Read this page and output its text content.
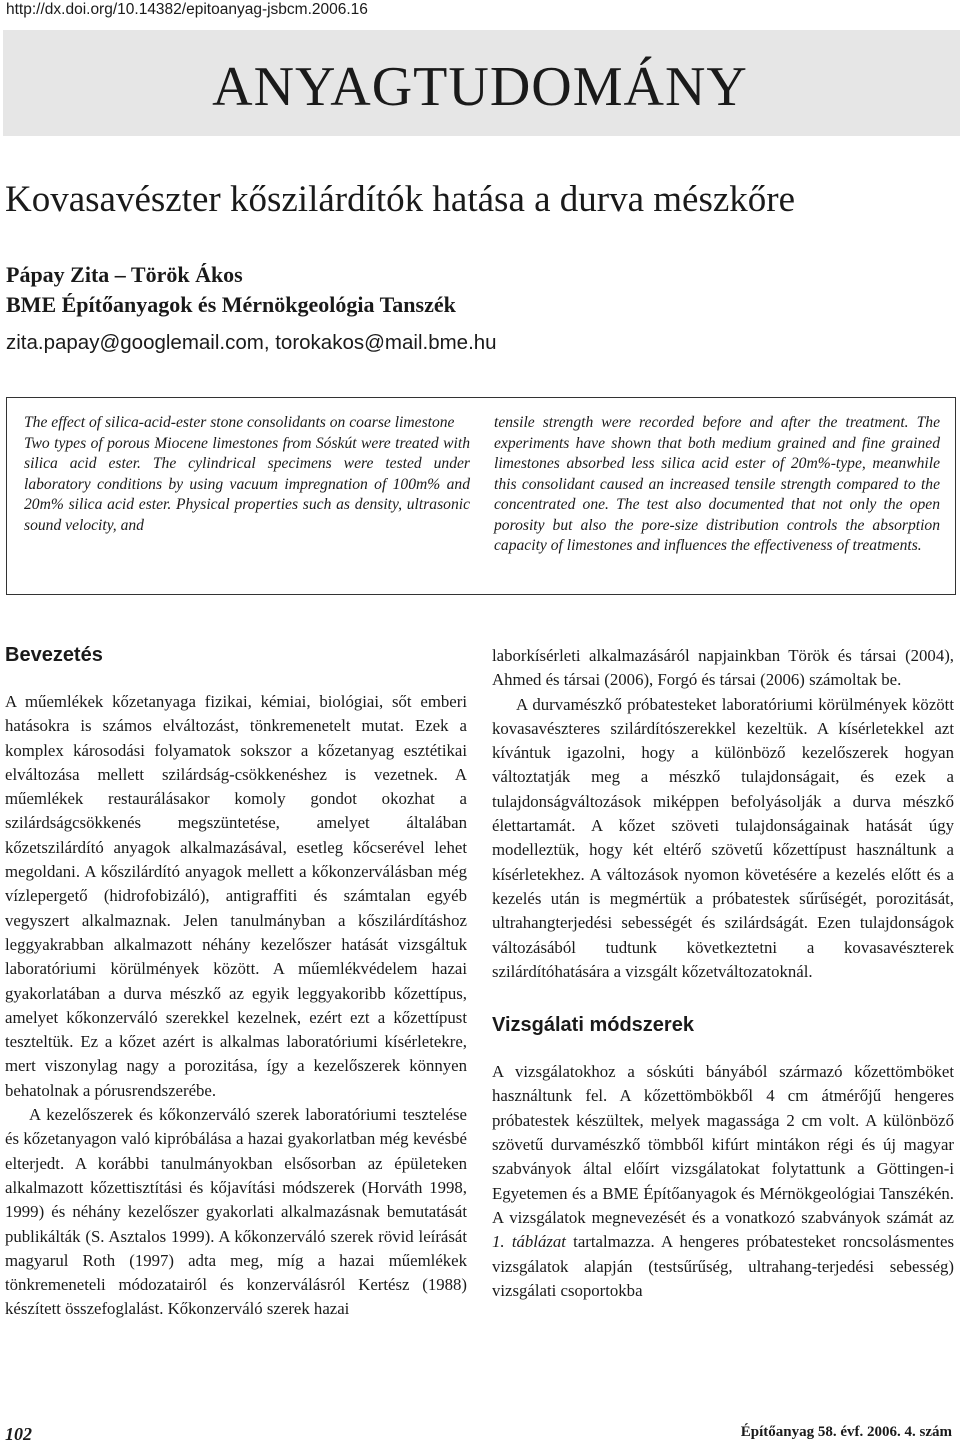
http://dx.doi.org/10.14382/epitoanyag-jsbcm.2006.16
ANYAGTUDOMÁNY
Kovasavészter kőszilárdítók hatása a durva mészkőre
Pápay Zita – Török Ákos
BME Építőanyagok és Mérnökgeológia Tanszék
zita.papay@googlemail.com, torokakos@mail.bme.hu

The effect of silica-acid-ester stone consolidants on coarse limestone

Two types of porous Miocene limestones from Sóskút were treated with silica acid ester. The cylindrical specimens were tested under laboratory conditions by using vacuum impregnation of 100m% and 20m% silica acid ester. Physical properties such as density, ultrasonic sound velocity, and

tensile strength were recorded before and after the treatment. The experiments have shown that both medium grained and fine grained limestones absorbed less silica acid ester of 20m%-type, meanwhile this consolidant caused an increased tensile strength compared to the concentrated one. The test also documented that not only the open porosity but also the pore-size distribution controls the absorption capacity of limestones and influences the effectiveness of treatments.

Bevezetés

A műemlékek kőzetanyaga fizikai, kémiai, biológiai, sőt emberi hatásokra is számos elváltozást, tönkremenetelt mutat. Ezek a komplex károsodási folyamatok sokszor a kőzetanyag esztétikai elváltozása mellett szilárdság-csökkenéshez is vezetnek. A műemlékek restaurálásakor komoly gondot okozhat a szilárdságcsökkenés megszüntetése, amelyet általában kőzetszilárdító anyagok alkalmazásával, esetleg kőcserével lehet megoldani. A kőszilárdító anyagok mellett a kőkonzerválásban még vízlepergető (hidrofobizáló), antigraffiti és számtalan egyéb vegyszert alkalmaznak. Jelen tanulmányban a kőszilárdításhoz leggyakrabban alkalmazott néhány kezelőszer hatását vizsgáltuk laboratóriumi körülmények között. A műemlékvédelem hazai gyakorlatában a durva mészkő az egyik leggyakoribb kőzettípus, amelyet kőkonzerváló szerekkel kezelnek, ezért ezt a kőzettípust teszteltük. Ez a kőzet azért is alkalmas laboratóriumi kísérletekre, mert viszonylag nagy a porozitása, így a kezelőszerek könnyen behatolnak a pórusrendszerébe.

A kezelőszerek és kőkonzerváló szerek laboratóriumi tesztelése és kőzetanyagon való kipróbálása a hazai gyakorlatban még kevésbé elterjedt. A korábbi tanulmányokban elsősorban az épületeken alkalmazott kőzettisztítási és kőjavítási módszerek (Horváth 1998, 1999) és néhány kezelőszer gyakorlati alkalmazásnak bemutatását publikálták (S. Asztalos 1999). A kőkonzerváló szerek rövid leírását magyarul Roth (1997) adta meg, míg a hazai műemlékek tönkremeneteli módozatairól és konzerválásról Kertész (1988) készített összefoglalást. Kőkonzerváló szerek hazai

laborkísérleti alkalmazásáról napjainkban Török és társai (2004), Ahmed és társai (2006), Forgó és társai (2006) számoltak be.

A durvamészkő próbatesteket laboratóriumi körülmények között kovasavészteres szilárdítószerekkel kezeltük. A kísérletekkel azt kívántuk igazolni, hogy a különböző kezelőszerek hogyan változtatják meg a mészkő tulajdonságait, és ezek a tulajdonságváltozások miképpen befolyásolják a durva mészkő élettartamát. A kőzet szöveti tulajdonságainak hatását úgy modelleztük, hogy két eltérő szövetű kőzettípust használtunk a kísérletekhez. A változások nyomon követésére a kezelés előtt és a kezelés után is megmértük a próbatestek sűrűségét, porozitását, ultrahangterjedési sebességét és szilárdságát. Ezen tulajdonságok változásából tudtunk következtetni a kovasavészterek szilárdítóhatására a vizsgált kőzetváltozatoknál.

Vizsgálati módszerek

A vizsgálatokhoz a sóskúti bányából származó kőzettömböket használtunk fel. A kőzettömbökből 4 cm átmérőjű hengeres próbatestek készültek, melyek magassága 2 cm volt. A különböző szövetű durvamészkő tömbből kifúrt mintákon régi és új magyar szabványok által előírt vizsgálatokat folytattunk a Göttingen-i Egyetemen és a BME Építőanyagok és Mérnökgeológiai Tanszékén. A vizsgálatok megnevezését és a vonatkozó szabványok számát az 1. táblázat tartalmazza. A hengeres próbatesteket roncsolásmentes vizsgálatok alapján (testsűrűség, ultrahang-terjedési sebesség) vizsgálati csoportokba

102	Építőanyag 58. évf. 2006. 4. szám
